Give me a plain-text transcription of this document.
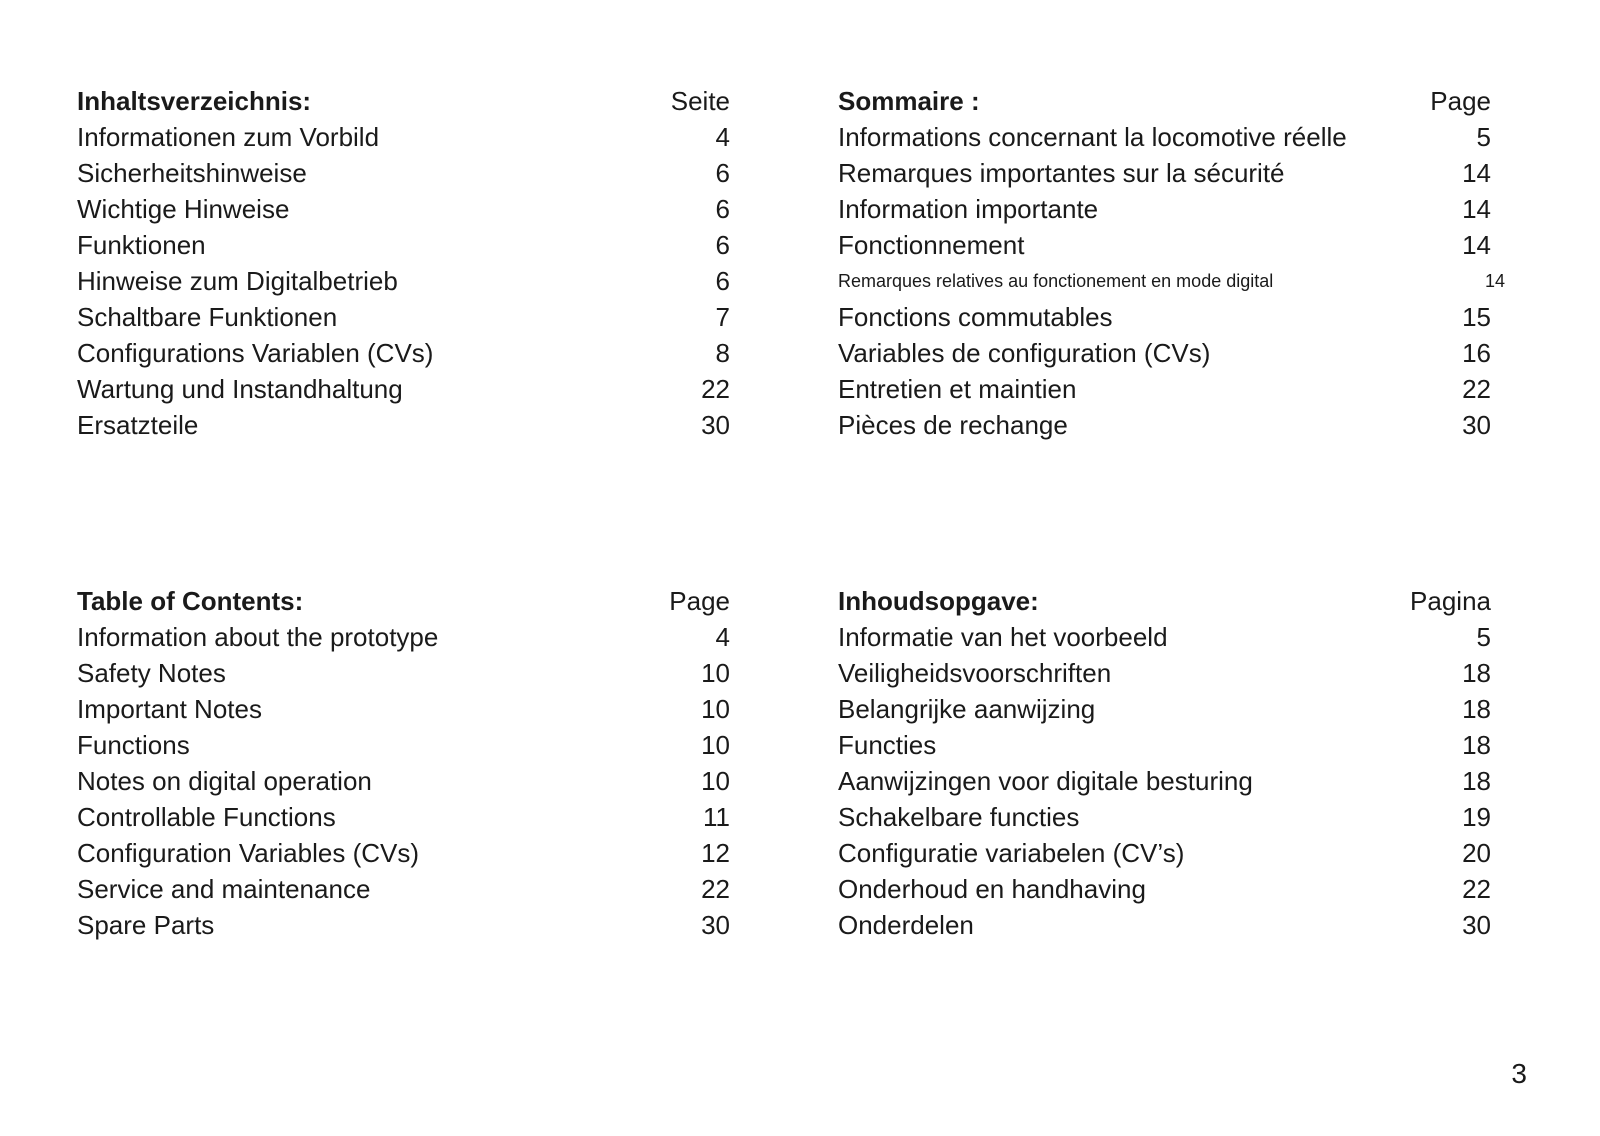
Inhaltsverzeichnis:	Seite
Informationen zum Vorbild	4
Sicherheitshinweise	6
Wichtige Hinweise	6
Funktionen	6
Hinweise zum Digitalbetrieb	6
Schaltbare Funktionen	7
Configurations Variablen (CVs)	8
Wartung und Instandhaltung	22
Ersatzteile	30
Sommaire :	Page
Informations concernant la locomotive réelle	5
Remarques importantes sur la sécurité	14
Information importante	14
Fonctionnement	14
Remarques relatives au fonctionement en mode digital	14
Fonctions commutables	15
Variables de configuration (CVs)	16
Entretien et maintien	22
Pièces de rechange	30
Table of Contents:	Page
Information about the prototype	4
Safety Notes	10
Important Notes	10
Functions	10
Notes on digital operation	10
Controllable Functions	11
Configuration Variables (CVs)	12
Service and maintenance	22
Spare Parts	30
Inhoudsopgave:	Pagina
Informatie van het voorbeeld	5
Veiligheidsvoorschriften	18
Belangrijke aanwijzing	18
Functies	18
Aanwijzingen voor digitale besturing	18
Schakelbare functies	19
Configuratie variabelen (CV’s)	20
Onderhoud en handhaving	22
Onderdelen	30
3
